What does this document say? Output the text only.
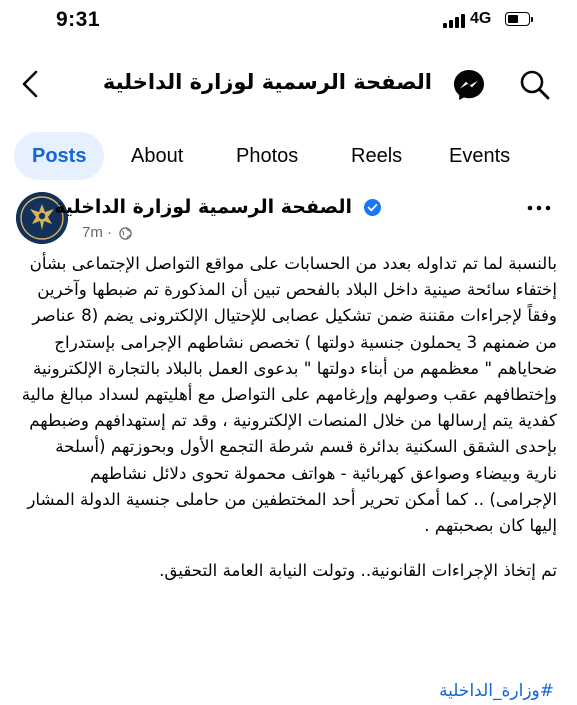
9:31	4G
الصفحة الرسمية لوزارة الداخلية
Posts	About	Photos	Reels Events
الصفحة الرسمية لوزارة الداخلية
7m ·

بالنسبة لما تم تداوله بعدد من الحسابات على مواقع التواصل الإجتماعى بشأن إختفاء سائحة صينية داخل البلاد بالفحص تبين أن المذكورة تم ضبطها وآخرين وفقاً لإجراءات مقننة ضمن تشكيل عصابى للإحتيال الإلكترونى يضم (8 عناصر من ضمنهم 3 يحملون جنسية دولتها ) تخصص نشاطهم الإجرامى بإستدراج ضحاياهم " معظمهم من أبناء دولتها " بدعوى العمل بالبلاد بالتجارة الإلكترونية وإختطافهم عقب وصولهم وإرغامهم على التواصل مع أهليتهم لسداد مبالغ مالية كفدية يتم إرسالها من خلال المنصات الإلكترونية ، وقد تم إستهدافهم وضبطهم بإحدى الشقق السكنية بدائرة قسم شرطة التجمع الأول وبحوزتهم (أسلحة نارية وبيضاء وصواعق كهربائية - هواتف محمولة تحوى دلائل نشاطهم الإجرامى) .. كما أمكن تحرير أحد المختطفين من حاملى جنسية الدولة المشار إليها كان بصحبتهم .

تم إتخاذ الإجراءات القانونية.. وتولت النيابة العامة التحقيق.

#وزارة_الداخلية
